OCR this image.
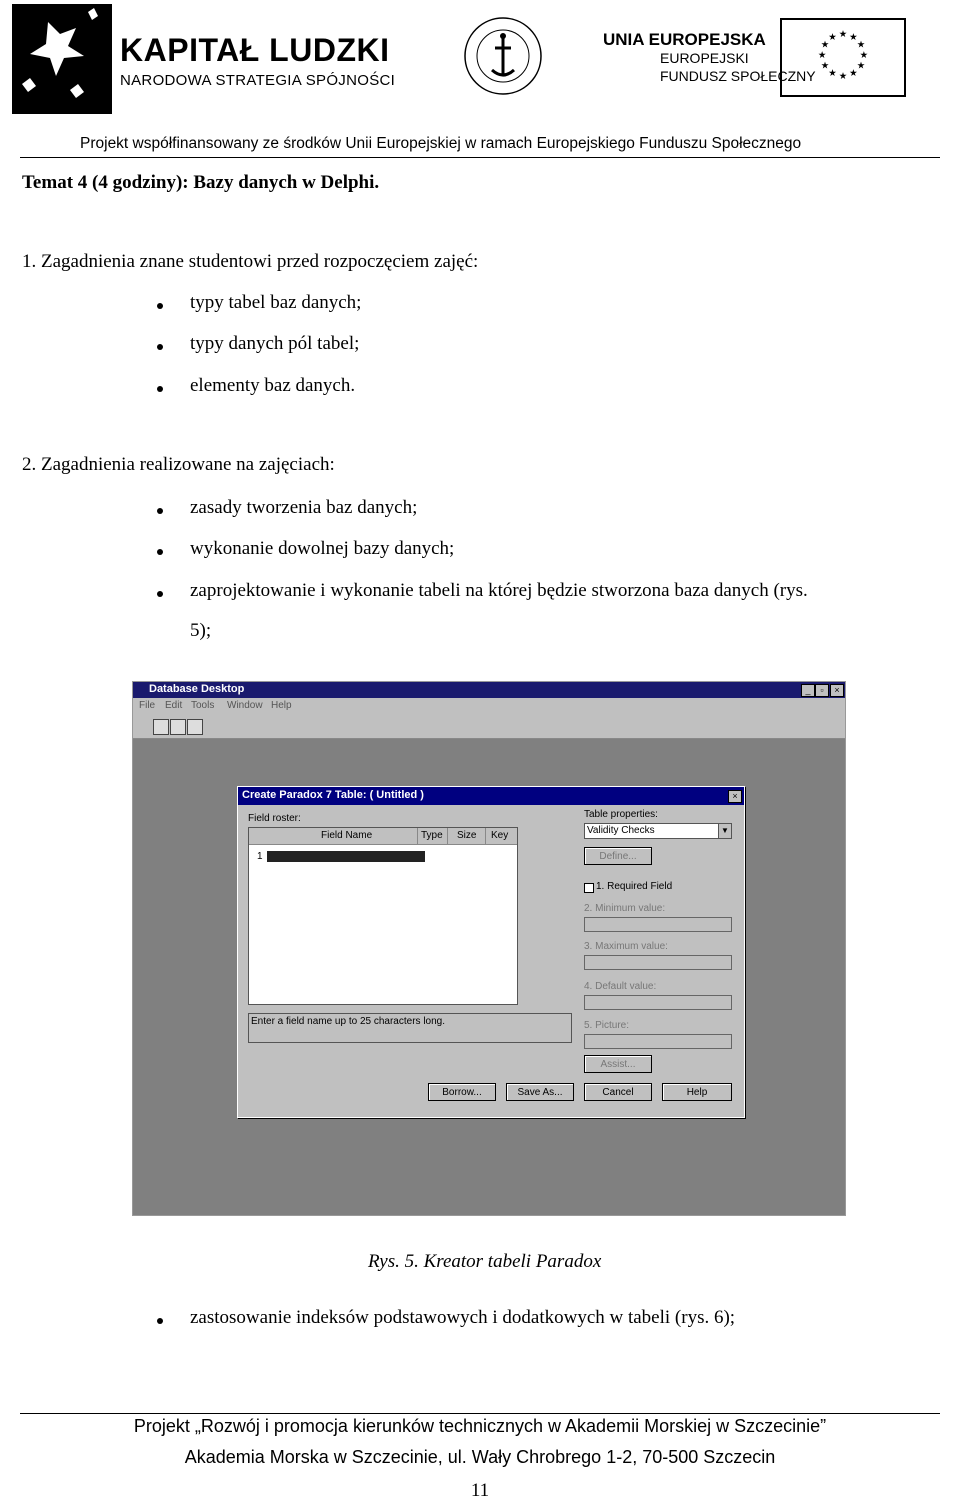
KAPITAŁ LUDZKI
NARODOWA STRATEGIA SPÓJNOŚCI
UNIA EUROPEJSKA
EUROPEJSKI
FUNDUSZ SPOŁECZNY
★ ★
★
★
★
★
★
★
★
★
★
★
Projekt współfinansowany ze środków Unii Europejskiej w ramach Europejskiego Funduszu Społecznego
Temat 4 (4 godziny): Bazy danych w Delphi.
1. Zagadnienia znane studentowi przed rozpoczęciem zajęć:
typy tabel baz danych;
typy danych pól tabel;
elementy baz danych.
2. Zagadnienia realizowane na zajęciach:
zasady tworzenia baz danych;
wykonanie dowolnej bazy danych;
zaprojektowanie i wykonanie tabeli na której będzie stworzona baza danych (rys.
5);
Database Desktop	_	▫	×
File Edit Tools Window Help
Create Paradox 7 Table: ( Untitled )	×
Field roster:
Field Name	Type Size Key
1
Enter a field name up to 25 characters long.
Table properties:
Validity Checks	▼
Define...
1. Required Field
2. Minimum value:
3. Maximum value:
4. Default value:
5. Picture:
Assist...
Borrow...	Save As...	Cancel	Help
Rys. 5. Kreator tabeli Paradox
zastosowanie indeksów podstawowych i dodatkowych w tabeli (rys. 6);
Projekt „Rozwój i promocja kierunków technicznych w Akademii Morskiej w Szczecinie”
Akademia Morska w Szczecinie, ul. Wały Chrobrego 1-2, 70-500 Szczecin
11
